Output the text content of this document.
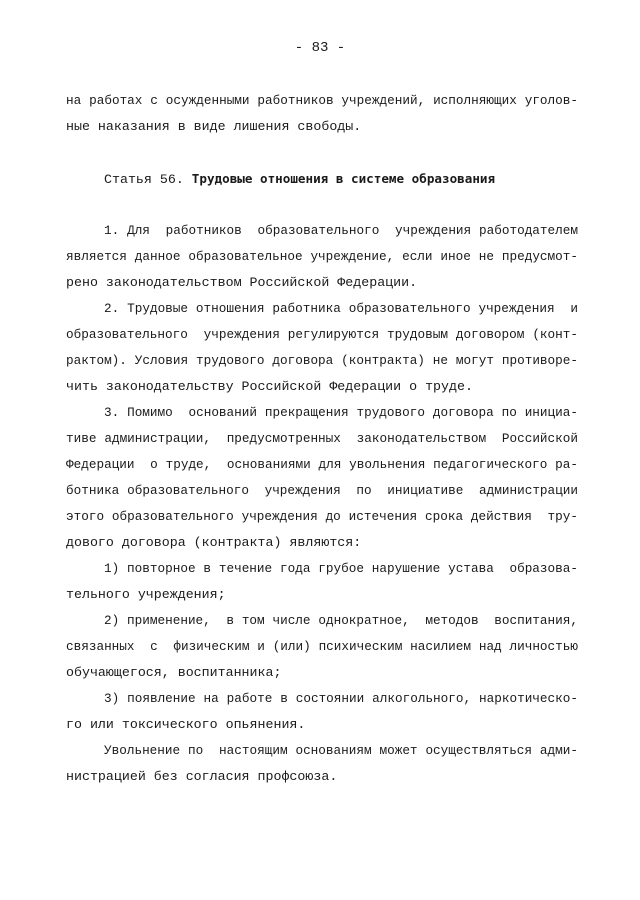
- 83 -
на работах с осужденными работников учреждений, исполняющих уголов-
ные наказания в виде лишения свободы.
Статья 56. Трудовые отношения в системе образования
1. Для  работников  образовательного  учреждения работодателем
является данное образовательное учреждение, если иное не предусмот-
рено законодательством Российской Федерации.
2. Трудовые отношения работника образовательного учреждения  и
образовательного  учреждения регулируются трудовым договором (конт-
рактом). Условия трудового договора (контракта) не могут противоре-
чить законодательству Российской Федерации о труде.
3. Помимо  оснований прекращения трудового договора по инициа-
тиве администрации,  предусмотренных  законодательством  Российской
Федерации  о труде,  основаниями для увольнения педагогического ра-
ботника образовательного  учреждения  по  инициативе  администрации
этого образовательного учреждения до истечения срока действия  тру-
дового договора (контракта) являются:
1) повторное в течение года грубое нарушение устава  образова-
тельного учреждения;
2) применение,  в том числе однократное,  методов  воспитания,
связанных  с  физическим и (или) психическим насилием над личностью
обучающегося, воспитанника;
3) появление на работе в состоянии алкогольного, наркотическо-
го или токсического опьянения.
Увольнение по  настоящим основаниям может осуществляться адми-
нистрацией без согласия профсоюза.
